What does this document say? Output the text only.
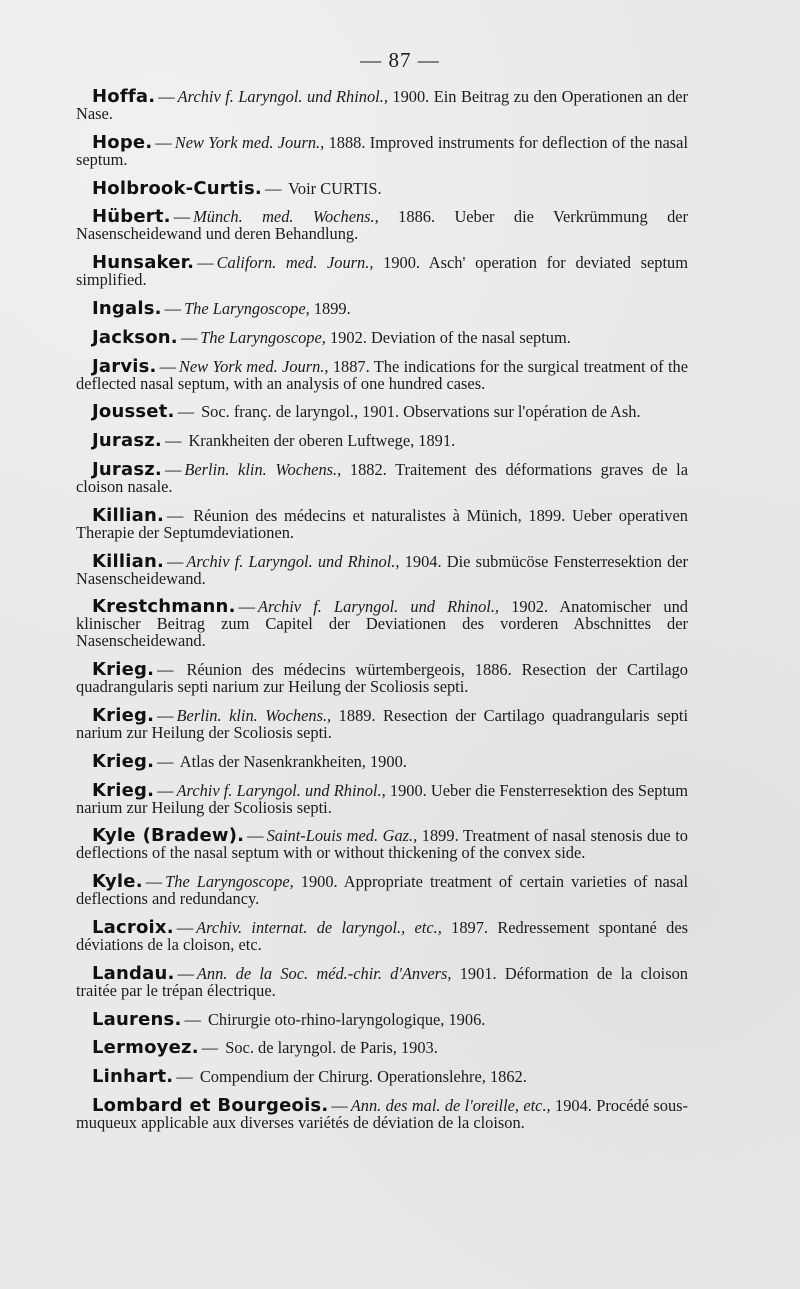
— 87 —

Hoffa. — Archiv f. Laryngol. und Rhinol., 1900. Ein Beitrag zu den Operationen an der Nase.

Hope. — New York med. Journ., 1888. Improved instruments for deflection of the nasal septum.

Holbrook-Curtis. — Voir CURTIS.

Hübert. — Münch. med. Wochens., 1886. Ueber die Verkrümmung der Nasenscheidewand und deren Behandlung.

Hunsaker. — Californ. med. Journ., 1900. Asch' operation for deviated septum simplified.

Ingals. — The Laryngoscope, 1899.

Jackson. — The Laryngoscope, 1902. Deviation of the nasal septum.

Jarvis. — New York med. Journ., 1887. The indications for the surgical treatment of the deflected nasal septum, with an analysis of one hundred cases.

Jousset. — Soc. franç. de laryngol., 1901. Observations sur l'opération de Ash.

Jurasz. — Krankheiten der oberen Luftwege, 1891.

Jurasz. — Berlin. klin. Wochens., 1882. Traitement des déformations graves de la cloison nasale.

Killian. — Réunion des médecins et naturalistes à Münich, 1899. Ueber operativen Therapie der Septumdeviationen.

Killian. — Archiv f. Laryngol. und Rhinol., 1904. Die submücöse Fensterresektion der Nasenscheidewand.

Krestchmann. — Archiv f. Laryngol. und Rhinol., 1902. Anatomischer und klinischer Beitrag zum Capitel der Deviationen des vorderen Abschnittes der Nasenscheidewand.

Krieg. — Réunion des médecins würtembergeois, 1886. Resection der Cartilago quadrangularis septi narium zur Heilung der Scoliosis septi.

Krieg. — Berlin. klin. Wochens., 1889. Resection der Cartilago quadrangularis septi narium zur Heilung der Scoliosis septi.

Krieg. — Atlas der Nasenkrankheiten, 1900.

Krieg. — Archiv f. Laryngol. und Rhinol., 1900. Ueber die Fensterresektion des Septum narium zur Heilung der Scoliosis septi.

Kyle (Bradew). — Saint-Louis med. Gaz., 1899. Treatment of nasal stenosis due to deflections of the nasal septum with or without thickening of the convex side.

Kyle. — The Laryngoscope, 1900. Appropriate treatment of certain varieties of nasal deflections and redundancy.

Lacroix. — Archiv. internat. de laryngol., etc., 1897. Redressement spontané des déviations de la cloison, etc.

Landau. — Ann. de la Soc. méd.-chir. d'Anvers, 1901. Déformation de la cloison traitée par le trépan électrique.

Laurens. — Chirurgie oto-rhino-laryngologique, 1906.

Lermoyez. — Soc. de laryngol. de Paris, 1903.

Linhart. — Compendium der Chirurg. Operationslehre, 1862.

Lombard et Bourgeois. — Ann. des mal. de l'oreille, etc., 1904. Procédé sous-muqueux applicable aux diverses variétés de déviation de la cloison.
